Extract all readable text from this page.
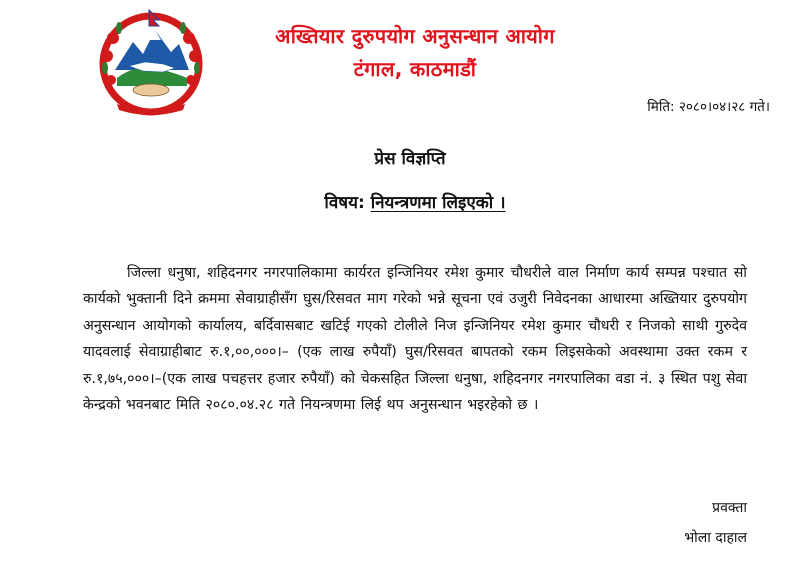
अख्तियार दुरुपयोग अनुसन्धान आयोग
टंगाल, काठमाडौं
मिति: २०८०।०४।२८ गते।
प्रेस विज्ञप्ति
विषय: नियन्त्रणमा लिइएको ।
जिल्ला धनुषा, शहिदनगर नगरपालिकामा कार्यरत इन्जिनियर रमेश कुमार चौधरीले वाल निर्माण कार्य सम्पन्न पश्चात सो कार्यको भुक्तानी दिने क्रममा सेवाग्राहीसँग घुस/रिसवत माग गरेको भन्ने सूचना एवं उजुरी निवेदनका आधारमा अख्तियार दुरुपयोग अनुसन्धान आयोगको कार्यालय, बर्दिवासबाट खटिई गएको टोलीले निज इन्जिनियर रमेश कुमार चौधरी र निजको साथी गुरुदेव यादवलाई सेवाग्राहीबाट रु.१,००,०००।– (एक लाख रुपैयाँ) घुस/रिसवत बापतको रकम लिइसकेको अवस्थामा उक्त रकम र रु.१,७५,०००।–(एक लाख पचहत्तर हजार रुपैयाँ) को चेकसहित जिल्ला धनुषा, शहिदनगर नगरपालिका वडा नं. ३ स्थित पशु सेवा केन्द्रको भवनबाट मिति २०८०.०४.२८ गते नियन्त्रणमा लिई थप अनुसन्धान भइरहेको छ ।
प्रवक्ता
भोला दाहाल
